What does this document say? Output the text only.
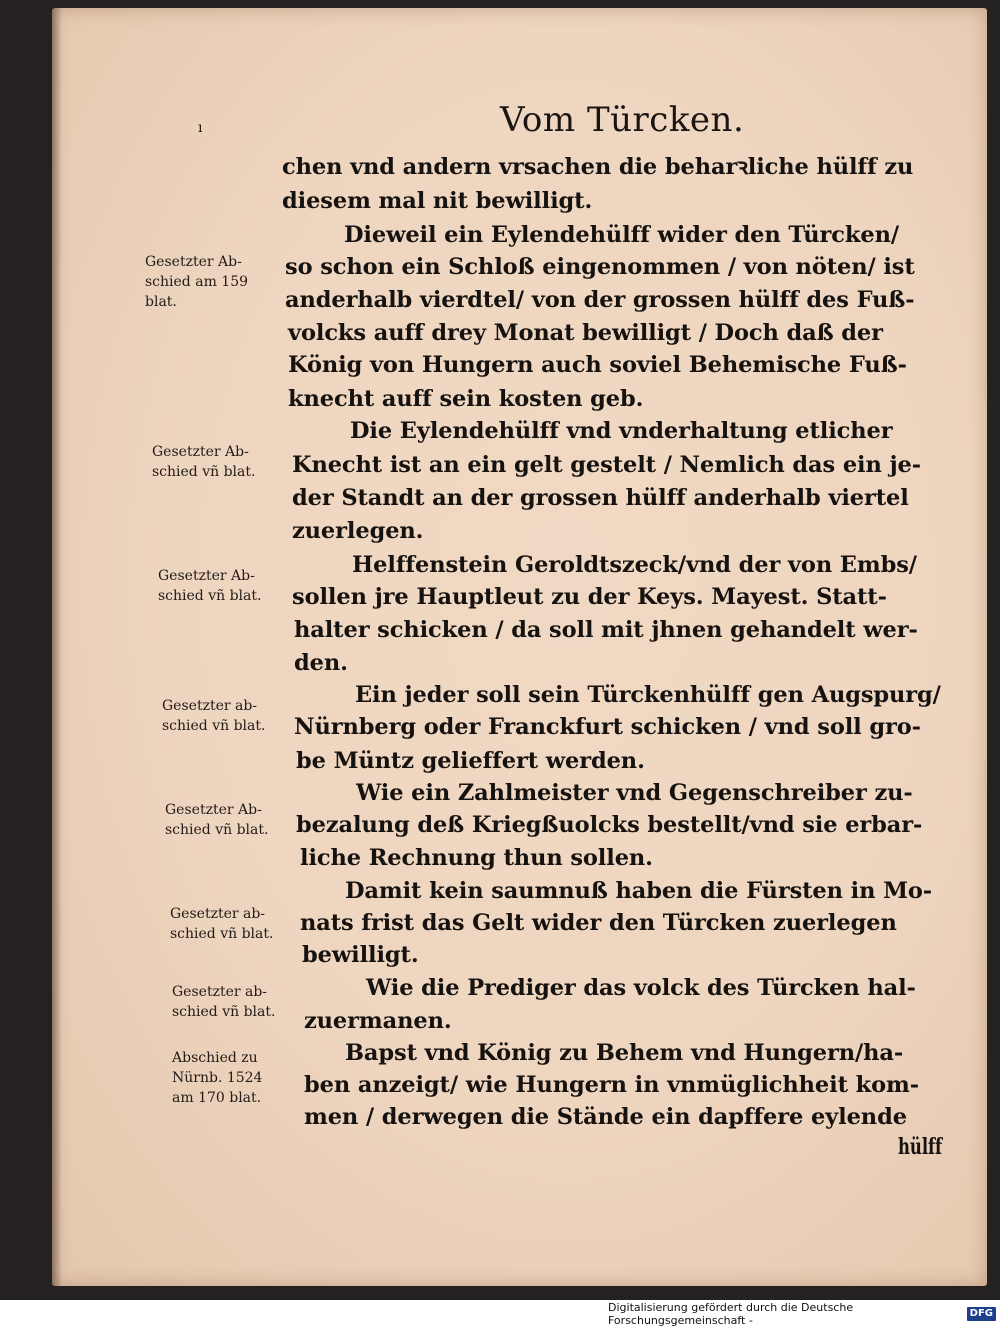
ı	Vom Türcken.
chen vnd andern vrsachen die beharꝛliche hülff zu
diesem mal nit bewilligt.
Dieweil ein Eylendehülff wider den Türcken/
so schon ein Schloß eingenommen / von nöten/ ist
anderhalb vierdtel/ von der grossen hülff des Fuß-
volcks auff drey Monat bewilligt / Doch daß der
König von Hungern auch soviel Behemische Fuß-
knecht auff sein kosten geb.
Die Eylendehülff vnd vnderhaltung etlicher
Knecht ist an ein gelt gestelt / Nemlich das ein je-
der Standt an der grossen hülff anderhalb viertel
zuerlegen.
Helffenstein Geroldtszeck/vnd der von Embs/
sollen jre Hauptleut zu der Keys. Mayest. Statt-
halter schicken / da soll mit jhnen gehandelt wer-
den.
Ein jeder soll sein Türckenhülff gen Augspurg/
Nürnberg oder Franckfurt schicken / vnd soll gro-
be Müntz gelieffert werden.
Wie ein Zahlmeister vnd Gegenschreiber zu-
bezalung deß Kriegßuolcks bestellt/vnd sie erbar-
liche Rechnung thun sollen.
Damit kein saumnuß haben die Fürsten in Mo-
nats frist das Gelt wider den Türcken zuerlegen
bewilligt.
Wie die Prediger das volck des Türcken hal-
zuermanen.
Bapst vnd König zu Behem vnd Hungern/ha-
ben anzeigt/ wie Hungern in vnmüglichheit kom-
men / derwegen die Stände ein dapffere eylende
hülff
Gesetzter Ab-
schied am 159
blat.
Gesetzter Ab-
schied vñ blat.
Gesetzter Ab-
schied vñ blat.
Gesetzter ab-
schied vñ blat.
Gesetzter Ab-
schied vñ blat.
Gesetzter ab-
schied vñ blat.
Gesetzter ab-
schied vñ blat.
Abschied zu
Nürnb. 1524
am 170 blat.
Digitalisierung gefördert durch die Deutsche Forschungsgemeinschaft -
DFG
